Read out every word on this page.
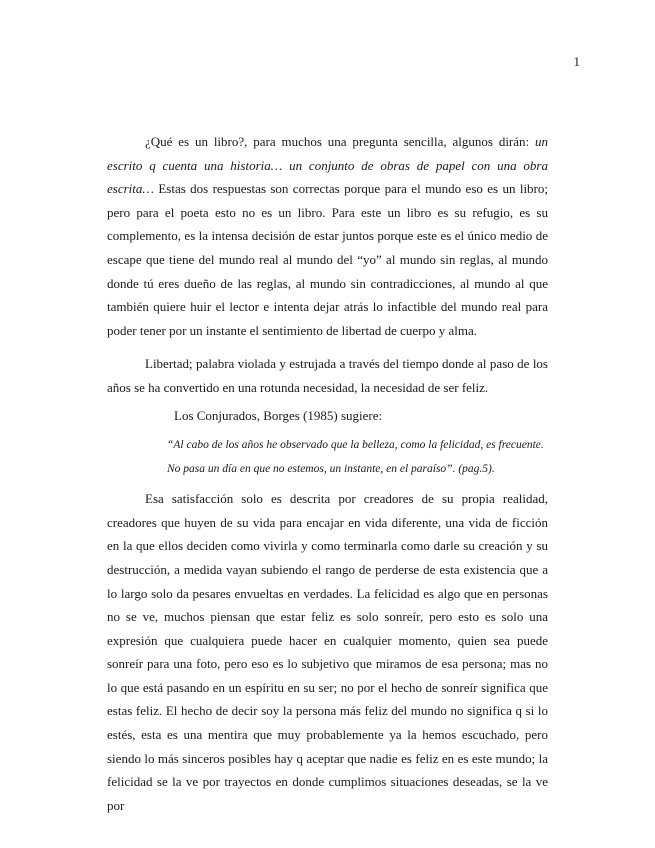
1

¿Qué es un libro?, para muchos una pregunta sencilla, algunos dirán: un escrito q cuenta una historia… un conjunto de obras de papel con una obra escrita… Estas dos respuestas son correctas porque para el mundo eso es un libro; pero para el poeta esto no es un libro. Para este un libro es su refugio, es su complemento, es la intensa decisión de estar juntos porque este es el único medio de escape que tiene del mundo real al mundo del “yo” al mundo sin reglas, al mundo donde tú eres dueño de las reglas, al mundo sin contradicciones, al mundo al que también quiere huir el lector e intenta dejar atrás lo infactible del mundo real para poder tener por un instante el sentimiento de libertad de cuerpo y alma.

Libertad; palabra violada y estrujada a través del tiempo donde al paso de los años se ha convertido en una rotunda necesidad, la necesidad de ser feliz.

Los Conjurados, Borges (1985) sugiere:

“Al cabo de los años he observado que la belleza, como la felicidad, es frecuente. No pasa un día en que no estemos, un instante, en el paraíso”. (pag.5).

Esa satisfacción solo es descrita por creadores de su propia realidad, creadores que huyen de su vida para encajar en vida diferente, una vida de ficción en la que ellos deciden como vivirla y como terminarla como darle su creación y su destrucción, a medida vayan subiendo el rango de perderse de esta existencia que a lo largo solo da pesares envueltas en verdades. La felicidad es algo que en personas no se ve, muchos piensan que estar feliz es solo sonreír, pero esto es solo una expresión que cualquiera puede hacer en cualquier momento, quien sea puede sonreír para una foto, pero eso es lo subjetivo que miramos de esa persona; mas no lo que está pasando en un espíritu en su ser; no por el hecho de sonreír significa que estas feliz. El hecho de decir soy la persona más feliz del mundo no significa q si lo estés, esta es una mentira que muy probablemente ya la hemos escuchado, pero siendo lo más sinceros posibles hay q aceptar que nadie es feliz en es este mundo; la felicidad se la ve por trayectos en donde cumplimos situaciones deseadas, se la ve por
